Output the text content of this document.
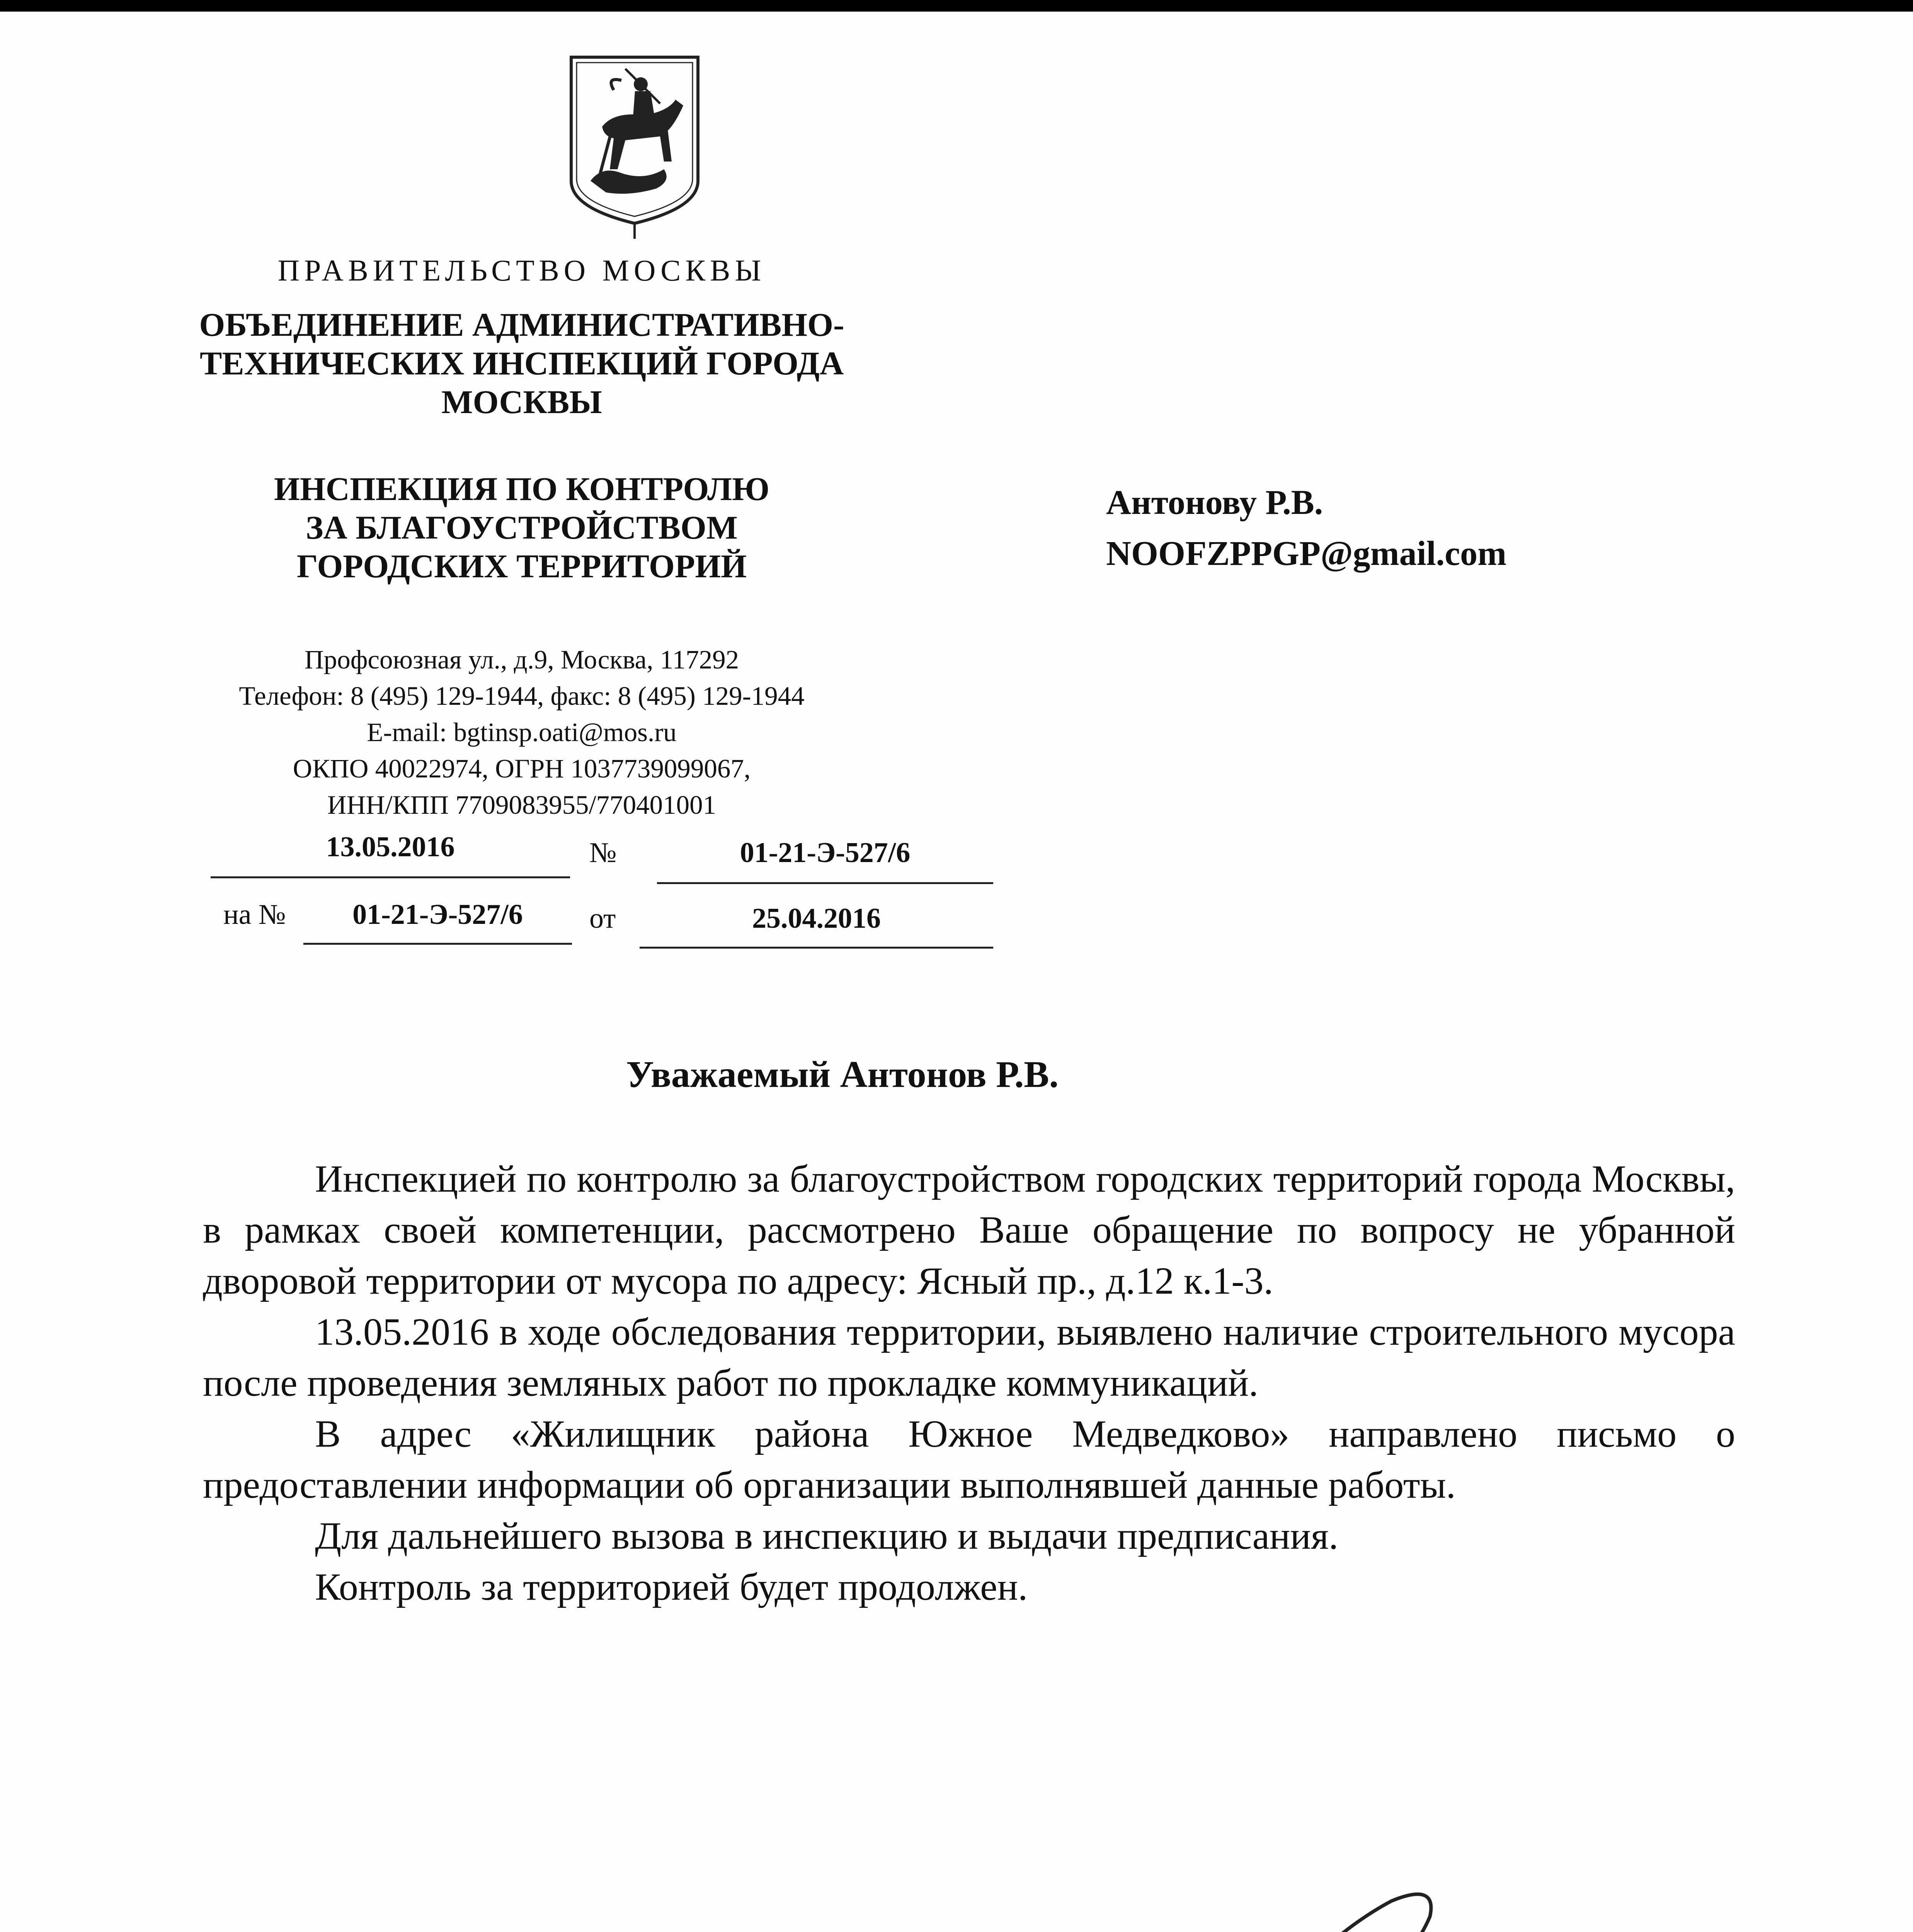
ПРАВИТЕЛЬСТВО МОСКВЫ
ОБЪЕДИНЕНИЕ АДМИНИСТРАТИВНО-
ТЕХНИЧЕСКИХ ИНСПЕКЦИЙ ГОРОДА
МОСКВЫ
ИНСПЕКЦИЯ ПО КОНТРОЛЮ
ЗА БЛАГОУСТРОЙСТВОМ
ГОРОДСКИХ ТЕРРИТОРИЙ
Профсоюзная ул., д.9, Москва, 117292
Телефон: 8 (495) 129-1944, факс: 8 (495) 129-1944
E-mail: bgtinsp.oati@mos.ru
ОКПО 40022974, ОГРН 1037739099067,
ИНН/КПП 7709083955/770401001
Антонову Р.В.
NOOFZPPGP@gmail.com
13.05.2016	№	01-21-Э-527/6
на №	01-21-Э-527/6	от	25.04.2016
Уважаемый Антонов Р.В.

Инспекцией по контролю за благоустройством городских территорий города Москвы, в рамках своей компетенции, рассмотрено Ваше обращение по вопросу не убранной дворовой территории от мусора по адресу: Ясный пр., д.12 к.1-3.

13.05.2016 в ходе обследования территории, выявлено наличие строительного мусора после проведения земляных работ по прокладке коммуникаций.

В адрес «Жилищник района Южное Медведково» направлено письмо о предоставлении информации об организации выполнявшей данные работы.

Для дальнейшего вызова в инспекцию и выдачи предписания.

Контроль за территорией будет продолжен.
